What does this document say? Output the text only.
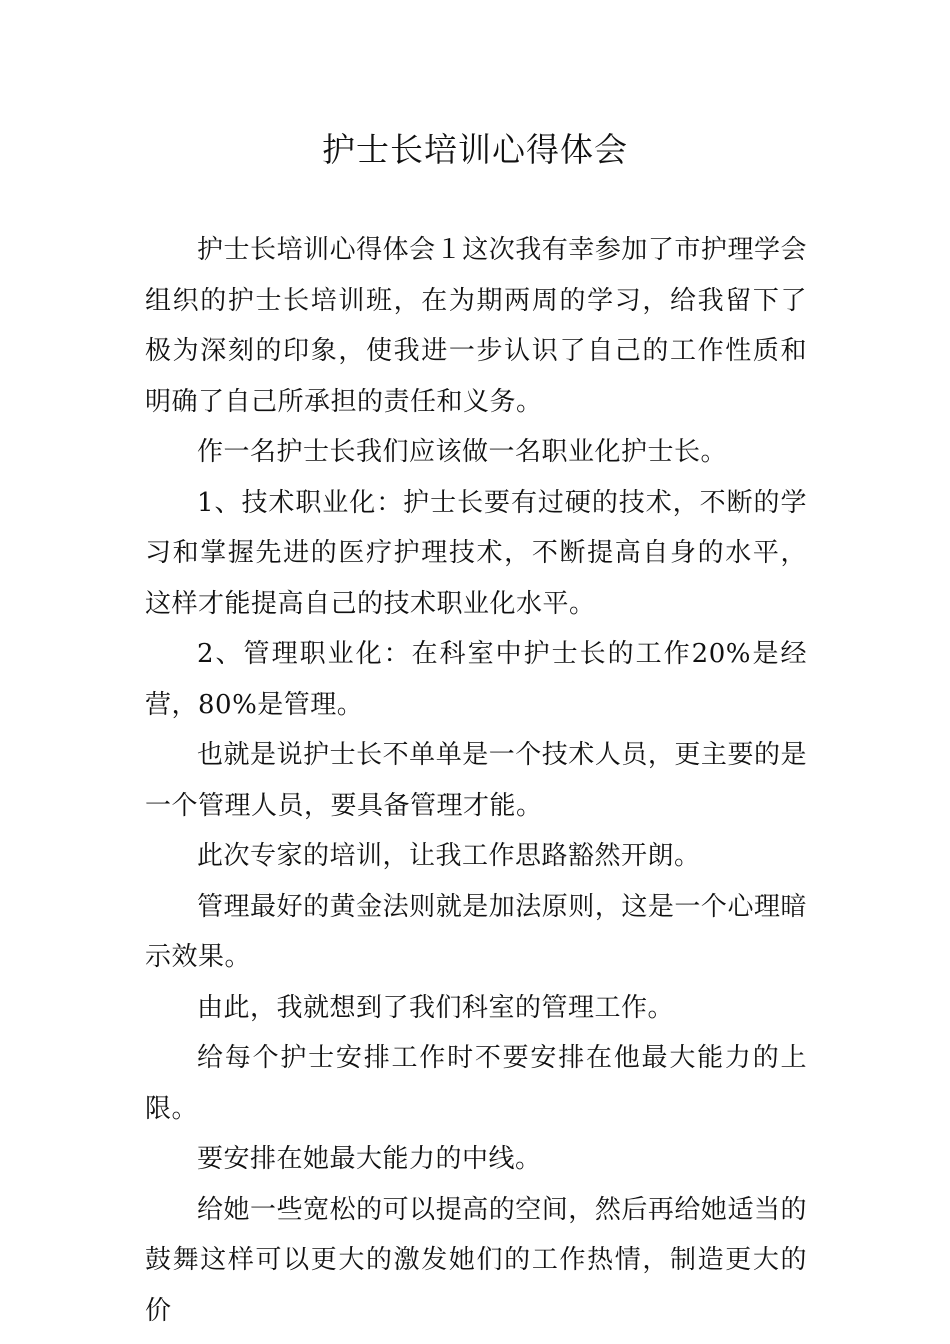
护士长培训心得体会

护士长培训心得体会１这次我有幸参加了市护理学会组织的护士长培训班，在为期两周的学习，给我留下了极为深刻的印象，使我进一步认识了自己的工作性质和明确了自己所承担的责任和义务。

作一名护士长我们应该做一名职业化护士长。

1、技术职业化：护士长要有过硬的技术，不断的学习和掌握先进的医疗护理技术，不断提高自身的水平，这样才能提高自己的技术职业化水平。

2、管理职业化：在科室中护士长的工作20%是经营，80%是管理。

也就是说护士长不单单是一个技术人员，更主要的是一个管理人员，要具备管理才能。

此次专家的培训，让我工作思路豁然开朗。

管理最好的黄金法则就是加法原则，这是一个心理暗示效果。

由此，我就想到了我们科室的管理工作。

给每个护士安排工作时不要安排在他最大能力的上限。

要安排在她最大能力的中线。

给她一些宽松的可以提高的空间，然后再给她适当的鼓舞这样可以更大的激发她们的工作热情，制造更大的价
